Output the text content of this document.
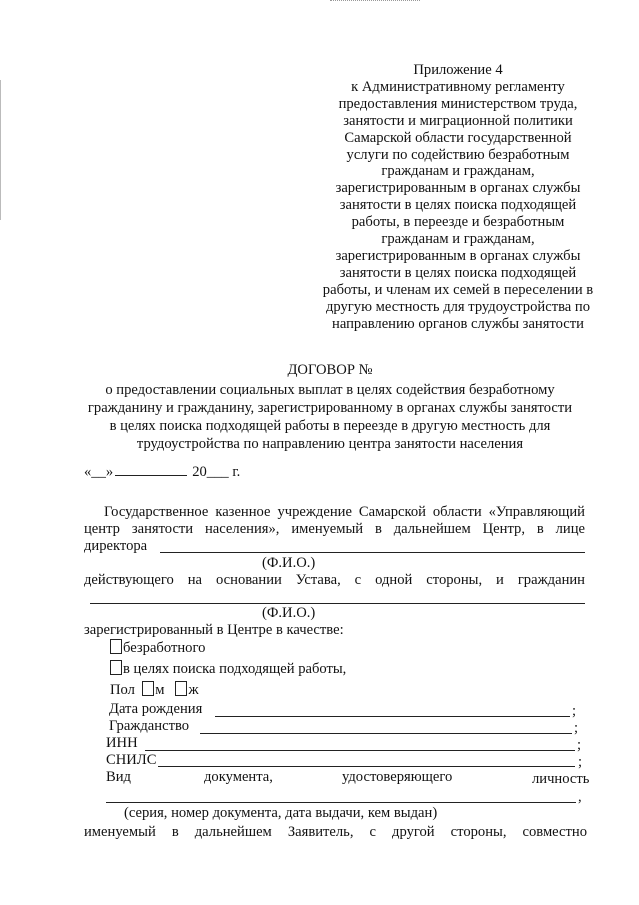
Приложение 4
к Административному регламенту
предоставления министерством труда,
занятости и миграционной политики
Самарской области государственной
услуги по содействию безработным
гражданам и гражданам,
зарегистрированным в органах службы
занятости в целях поиска подходящей
работы, в переезде и безработным
гражданам и гражданам,
зарегистрированным в органах службы
занятости в целях поиска подходящей
работы, и членам их семей в переселении в
другую местность для трудоустройства по
направлению органов службы занятости
ДОГОВОР №
о предоставлении социальных выплат в целях содействия безработному
гражданину и гражданину, зарегистрированному в органах службы занятости
в целях поиска подходящей работы в переезде в другую местность для
трудоустройства по направлению центра занятости населения
«__»	20___ г.
Государственное казенное учреждение Самарской области «Управляющий
центр занятости населения», именуемый в дальнейшем Центр, в лице
директора
(Ф.И.О.)
действующего на основании Устава, с одной стороны, и гражданин
(Ф.И.О.)
зарегистрированный в Центре в качестве:
безработного
в целях поиска подходящей работы,
Пол м ж
Дата рождения	;
Гражданство	;
ИНН	;
СНИЛС	;
Вид	документа,	удостоверяющего	личность
,
(серия, номер документа, дата выдачи, кем выдан)
именуемый в дальнейшем Заявитель, с другой стороны, совместно
